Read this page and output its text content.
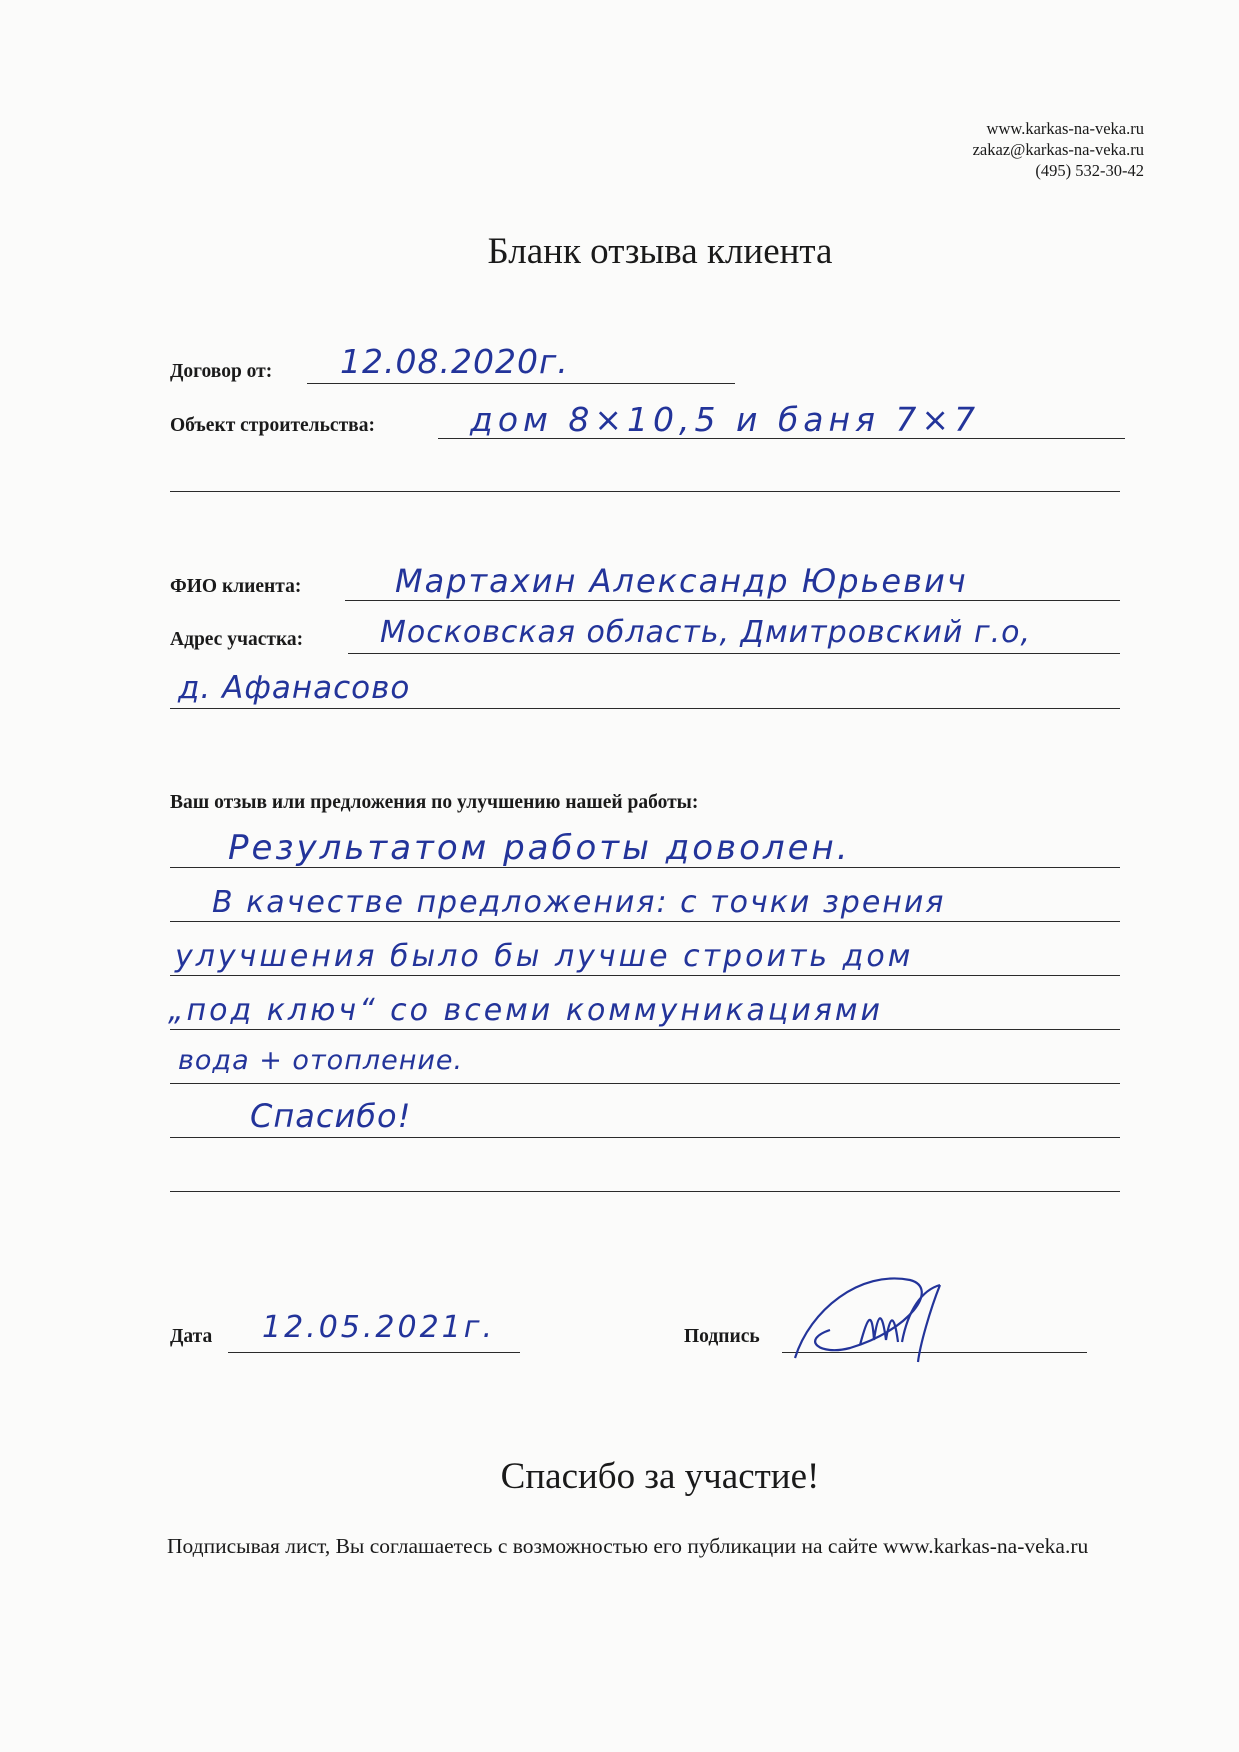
www.karkas-na-veka.ru
zakaz@karkas-na-veka.ru
(495) 532-30-42
Бланк отзыва клиента
Договор от: 12.08.2020г.
Объект строительства:	дом 8×10,5 и баня 7×7
ФИО клиента:	Мартахин Александр Юрьевич
Адрес участка:	Московская область, Дмитровский г.о,
д. Афанасово
Ваш отзыв или предложения по улучшению нашей работы:
Результатом работы доволен.
В качестве предложения: с точки зрения
улучшения было бы лучше строить дом
„под ключ“ со всеми коммуникациями
вода + отопление.
Спасибо!
Дата 12.05.2021г.	Подпись
Спасибо за участие!
Подписывая лист, Вы соглашаетесь с возможностью его публикации на сайте www.karkas-na-veka.ru
